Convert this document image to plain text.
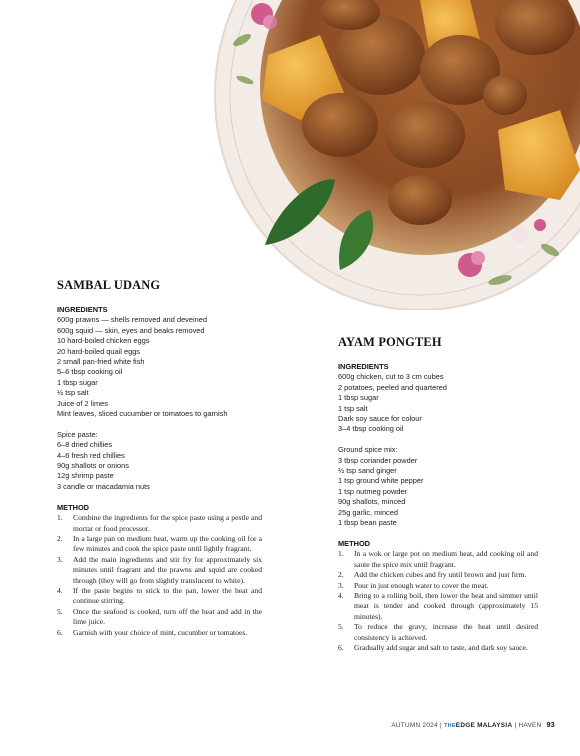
SAMBAL UDANG

INGREDIENTS

600g prawns — shells removed and deveined
600g squid — skin, eyes and beaks removed
10 hard-boiled chicken eggs
20 hard-boiled quail eggs
2 small pan-fried white fish
5–6 tbsp cooking oil
1 tbsp sugar
½ tsp salt
Juice of 2 limes
Mint leaves, sliced cucumber or tomatoes to garnish
Spice paste:
6–8 dried chillies
4–6 fresh red chillies
90g shallots or onions
12g shrimp paste
3 candle or macadamia nuts

METHOD

1. Combine the ingredients for the spice paste using a pestle and mortar or food processor.
2. In a large pan on medium heat, warm up the cooking oil for a few minutes and cook the spice paste until lightly fragrant.
3. Add the main ingredients and stir fry for approximately six minutes until fragrant and the prawns and squid are cooked through (they will go from slightly translucent to white).
4. If the paste begins to stick to the pan, lower the heat and continue stirring.
5. Once the seafood is cooked, turn off the heat and add in the lime juice.
6. Garnish with your choice of mint, cucumber or tomatoes.
AYAM PONGTEH

INGREDIENTS

600g chicken, cut to 3 cm cubes
2 potatoes, peeled and quartered
1 tbsp sugar
1 tsp salt
Dark soy sauce for colour
3–4 tbsp cooking oil
Ground spice mix:
3 tbsp coriander powder
½ tsp sand ginger
1 tsp ground white pepper
1 tsp nutmeg powder
90g shallots, minced
25g garlic, minced
1 tbsp bean paste

METHOD

1. In a wok or large pot on medium heat, add cooking oil and saute the spice mix until fragrant.
2. Add the chicken cubes and fry until brown and just firm.
3. Pour in just enough water to cover the meat.
4. Bring to a rolling boil, then lower the heat and simmer until meat is tender and cooked through (approximately 15 minutes).
5. To reduce the gravy, increase the heat until desired consistency is achieved.
6. Gradually add sugar and salt to taste, and dark soy sauce.
AUTUMN 2024 | THEEDGE MALAYSIA | HAVEN 93
